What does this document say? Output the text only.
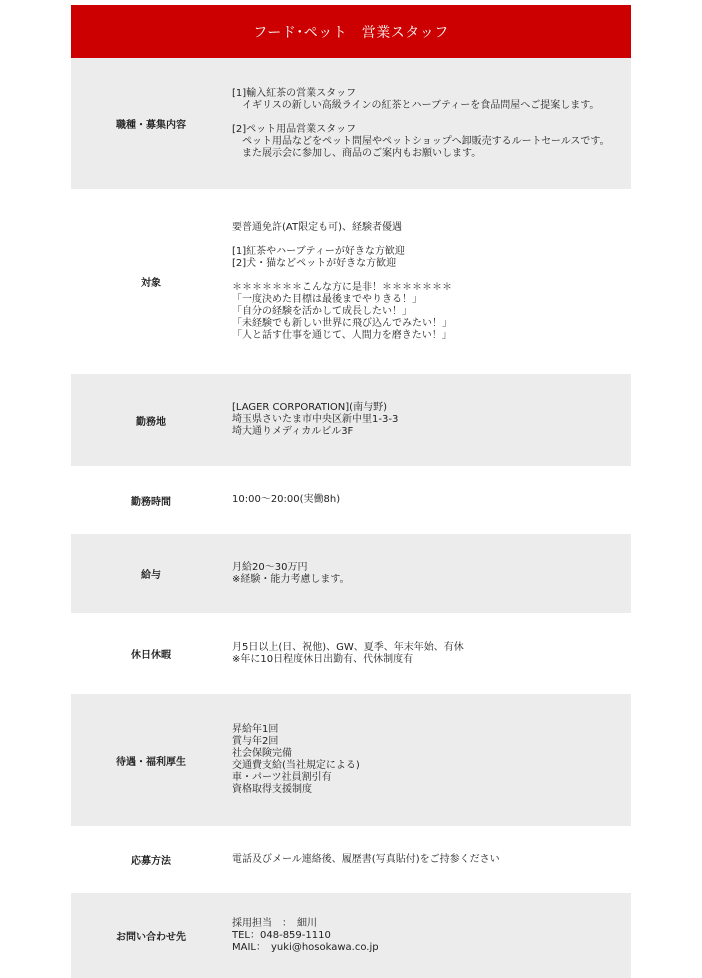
フード･ペット　営業スタッフ
職種・募集内容
[1]輸入紅茶の営業スタッフ
　イギリスの新しい高級ラインの紅茶とハーブティーを食品問屋へご提案します。
[2]ペット用品営業スタッフ
　ペット用品などをペット問屋やペットショップへ卸販売するルートセールスです。
　また展示会に参加し、商品のご案内もお願いします。
対象
要普通免許(AT限定も可)、経験者優遇
[1]紅茶やハーブティーが好きな方歓迎
[2]犬・猫などペットが好きな方歓迎
＊＊＊＊＊＊＊こんな方に是非！＊＊＊＊＊＊＊
「一度決めた目標は最後までやりきる！」
「自分の経験を活かして成長したい！」
「未経験でも新しい世界に飛び込んでみたい！」
「人と話す仕事を通じて、人間力を磨きたい！」
勤務地
[LAGER CORPORATION](南与野)
埼玉県さいたま市中央区新中里1-3-3
埼大通りメディカルビル3F
勤務時間	10:00～20:00(実働8h)
給与
月給20～30万円
※経験・能力考慮します。
休日休暇
月5日以上(日、祝他)、GW、夏季、年末年始、有休
※年に10日程度休日出勤有、代休制度有
待遇・福利厚生
昇給年1回
賞与年2回
社会保険完備
交通費支給(当社規定による)
車・パーツ社員割引有
資格取得支援制度
応募方法	電話及びメール連絡後、履歴書(写真貼付)をご持参ください
お問い合わせ先
採用担当　：　細川
TEL：048-859-1110
MAIL：　yuki@hosokawa.co.jp
